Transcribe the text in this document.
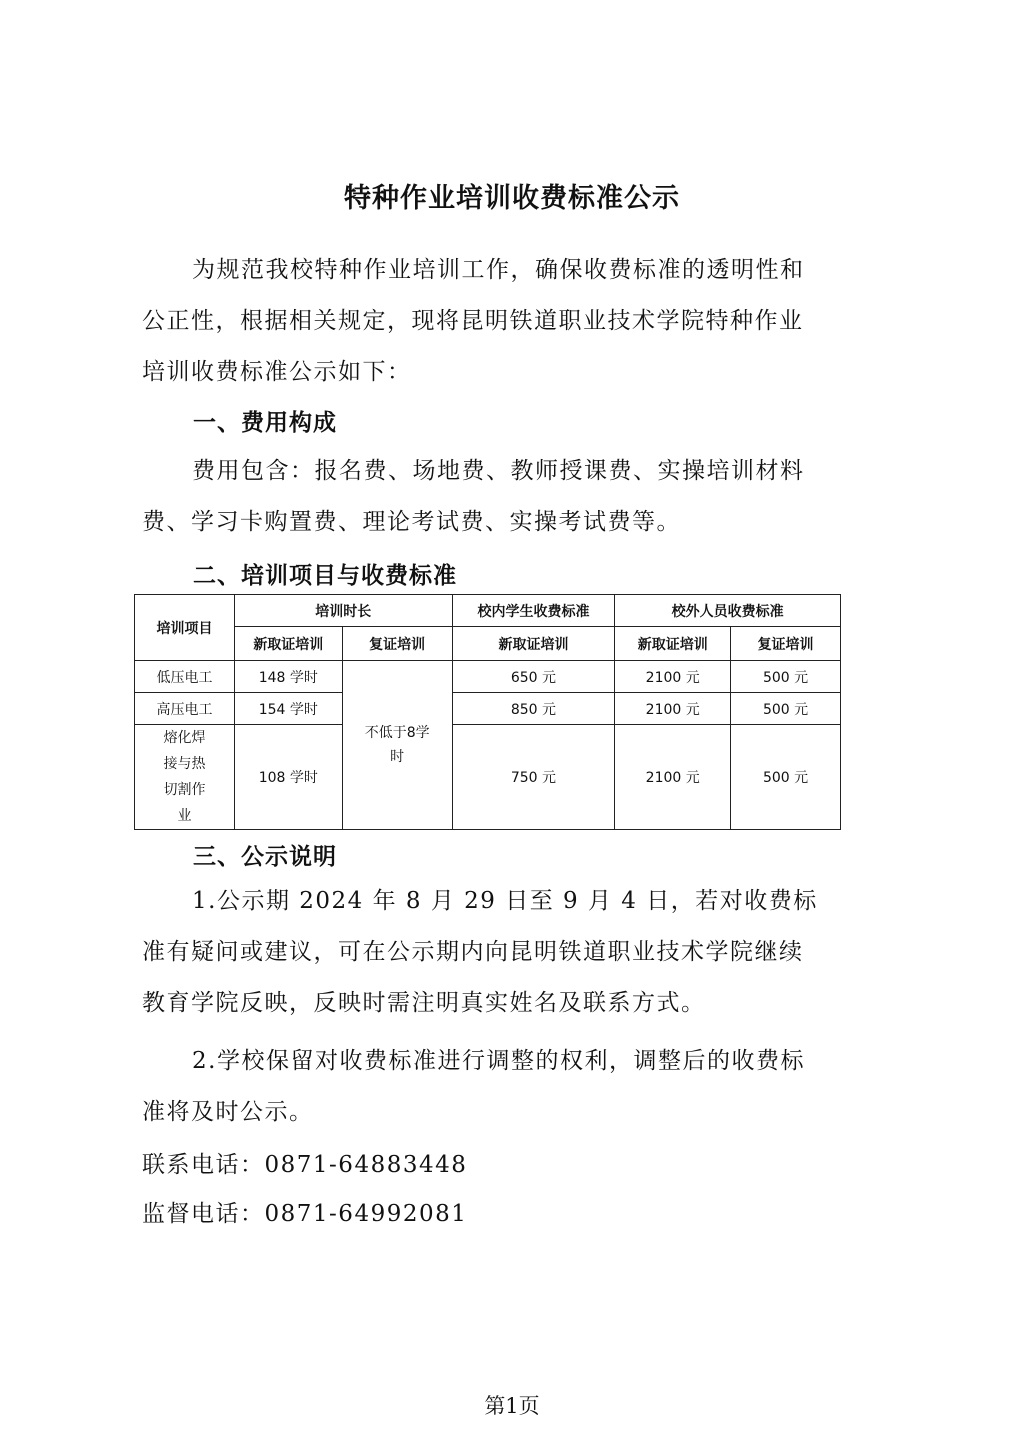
特种作业培训收费标准公示
为规范我校特种作业培训工作，确保收费标准的透明性和公正性，根据相关规定，现将昆明铁道职业技术学院特种作业培训收费标准公示如下：
一、费用构成
费用包含：报名费、场地费、教师授课费、实操培训材料费、学习卡购置费、理论考试费、实操考试费等。
二、培训项目与收费标准
培训项目	培训时长		校内学生收费标准	校外人员收费标准	
	新取证培训	复证培训	新取证培训	新取证培训	复证培训
低压电工	148 学时	不低于8学时	650 元	2100 元	500 元
高压电工	154 学时		850 元	2100 元	500 元
熔化焊接与热切割作业	108 学时		750 元	2100 元	500 元
三、公示说明
1.公示期 2024 年 8 月 29 日至 9 月 4 日，若对收费标准有疑问或建议，可在公示期内向昆明铁道职业技术学院继续教育学院反映，反映时需注明真实姓名及联系方式。
2.学校保留对收费标准进行调整的权利，调整后的收费标准将及时公示。
联系电话：0871-64883448
监督电话：0871-64992081
第1页
